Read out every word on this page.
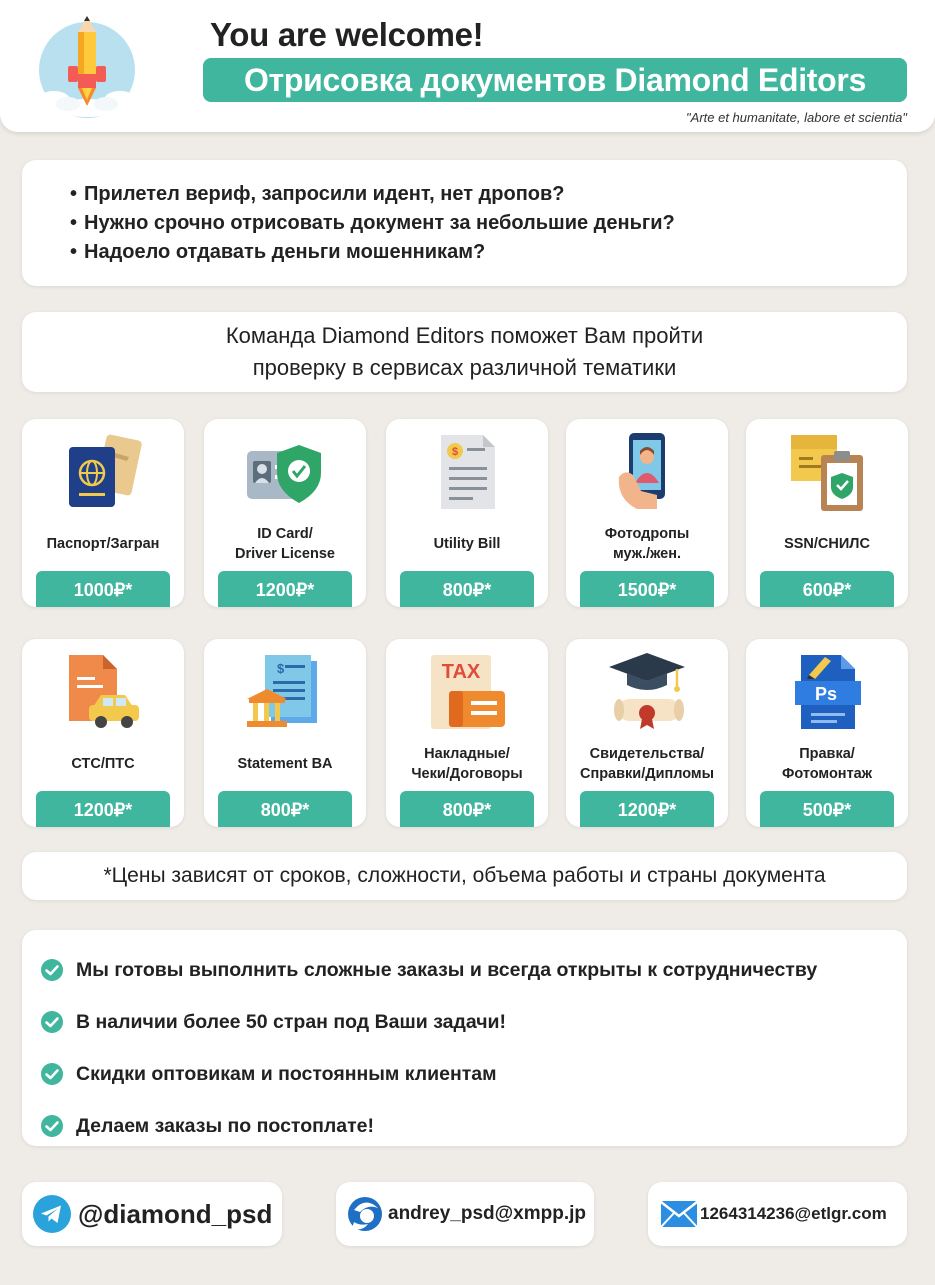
You are welcome!
Отрисовка документов Diamond Editors
"Arte et humanitate, labore et scientia"
• Прилетел вериф, запросили идент, нет дропов?
• Нужно срочно отрисовать документ за небольшие деньги?
• Надоело отдавать деньги мошенникам?
Команда Diamond Editors поможет Вам пройти
проверку в сервисах различной тематики
Паспорт/Загран
1000₽*
ID Card/
Driver License
1200₽*
$
Utility Bill
800₽*
Фотодропы
муж./жен.
1500₽*
SSN/СНИЛС
600₽*
СТС/ПТС
1200₽*
$
Statement BA
800₽*
TAX
Накладные/
Чеки/Договоры
800₽*
Свидетельства/
Справки/Дипломы
1200₽*
Ps
Правка/
Фотомонтаж
500₽*
*Цены зависят от сроков, сложности, объема работы и страны документа
Мы готовы выполнить сложные заказы и всегда открыты к сотрудничеству
В наличии более 50 стран под Ваши задачи!
Скидки оптовикам и постоянным клиентам
Делаем заказы по постоплате!
@diamond_psd	andrey_psd@xmpp.jp	1264314236@etlgr.com
